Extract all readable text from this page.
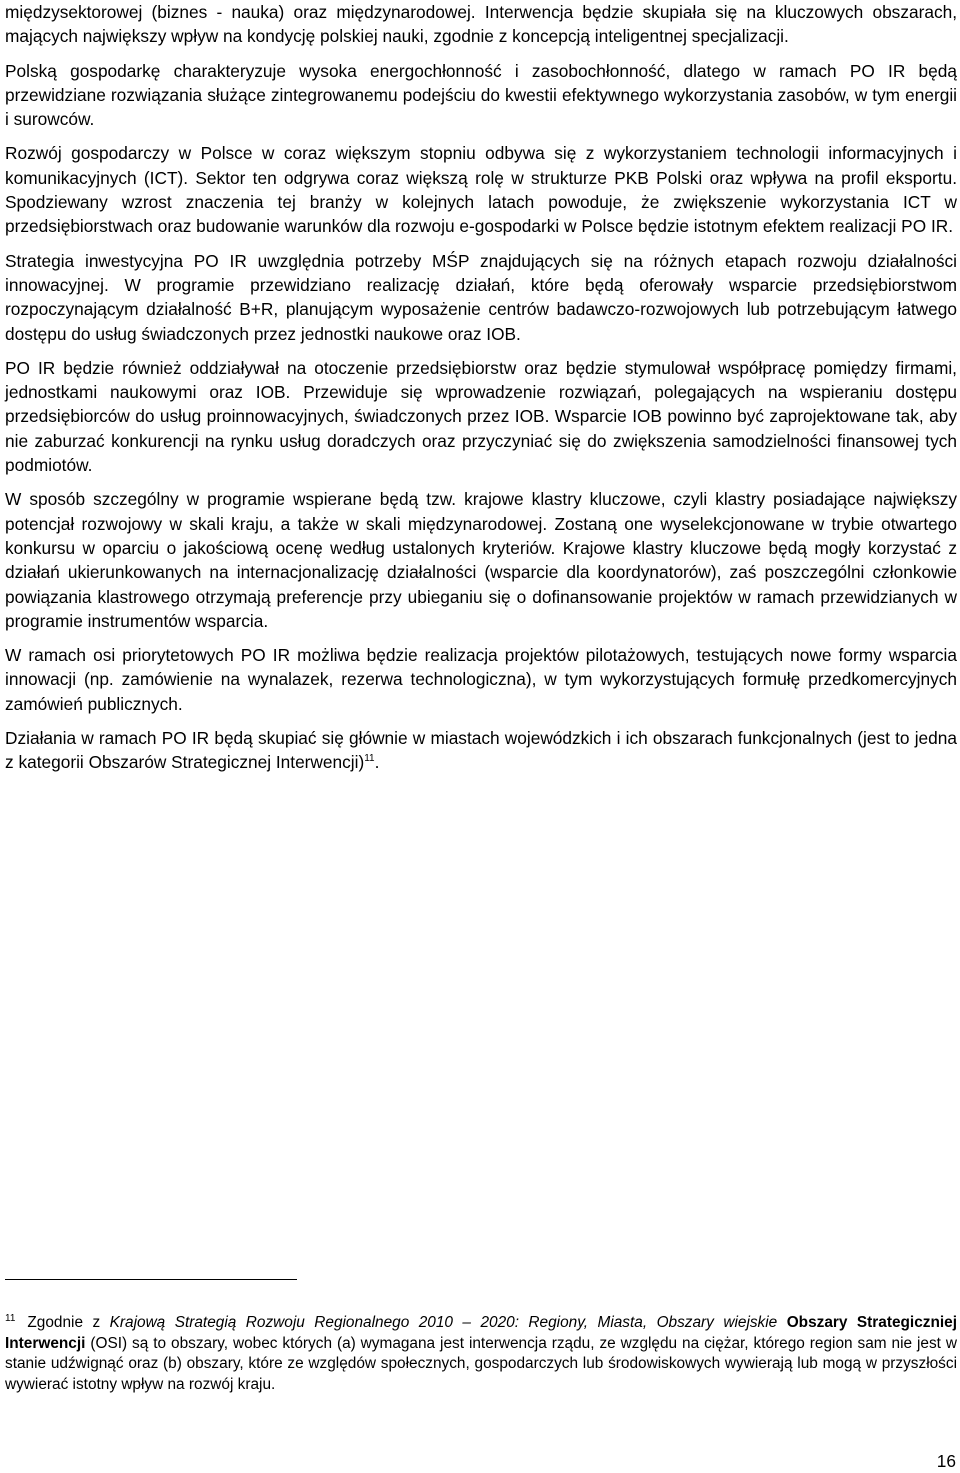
międzysektorowej (biznes - nauka) oraz międzynarodowej. Interwencja będzie skupiała się na kluczowych obszarach, mających największy wpływ na kondycję polskiej nauki, zgodnie z koncepcją inteligentnej specjalizacji.

Polską gospodarkę charakteryzuje wysoka energochłonność i zasobochłonność, dlatego w ramach PO IR będą przewidziane rozwiązania służące zintegrowanemu podejściu do kwestii efektywnego wykorzystania zasobów, w tym energii i surowców.

Rozwój gospodarczy w Polsce w coraz większym stopniu odbywa się z wykorzystaniem technologii informacyjnych i komunikacyjnych (ICT). Sektor ten odgrywa coraz większą rolę w strukturze PKB Polski oraz wpływa na profil eksportu. Spodziewany wzrost znaczenia tej branży w kolejnych latach powoduje, że zwiększenie wykorzystania ICT w przedsiębiorstwach oraz budowanie warunków dla rozwoju e-gospodarki w Polsce będzie istotnym efektem realizacji PO IR.

Strategia inwestycyjna PO IR uwzględnia potrzeby MŚP znajdujących się na różnych etapach rozwoju działalności innowacyjnej. W programie przewidziano realizację działań, które będą oferowały wsparcie przedsiębiorstwom rozpoczynającym działalność B+R, planującym wyposażenie centrów badawczo-rozwojowych lub potrzebującym łatwego dostępu do usług świadczonych przez jednostki naukowe oraz IOB.

PO IR będzie również oddziaływał na otoczenie przedsiębiorstw oraz będzie stymulował współpracę pomiędzy firmami, jednostkami naukowymi oraz IOB. Przewiduje się wprowadzenie rozwiązań, polegających na wspieraniu dostępu przedsiębiorców do usług proinnowacyjnych, świadczonych przez IOB. Wsparcie IOB powinno być zaprojektowane tak, aby nie zaburzać konkurencji na rynku usług doradczych oraz przyczyniać się do zwiększenia samodzielności finansowej tych podmiotów.

W sposób szczególny w programie wspierane będą tzw. krajowe klastry kluczowe, czyli klastry posiadające największy potencjał rozwojowy w skali kraju, a także w skali międzynarodowej. Zostaną one wyselekcjonowane w trybie otwartego konkursu w oparciu o jakościową ocenę według ustalonych kryteriów. Krajowe klastry kluczowe będą mogły korzystać z działań ukierunkowanych na internacjonalizację działalności (wsparcie dla koordynatorów), zaś poszczególni członkowie powiązania klastrowego otrzymają preferencje przy ubieganiu się o dofinansowanie projektów w ramach przewidzianych w programie instrumentów wsparcia.

W ramach osi priorytetowych PO IR możliwa będzie realizacja projektów pilotażowych, testujących nowe formy wsparcia innowacji (np. zamówienie na wynalazek, rezerwa technologiczna), w tym wykorzystujących formułę przedkomercyjnych zamówień publicznych.

Działania w ramach PO IR będą skupiać się głównie w miastach wojewódzkich i ich obszarach funkcjonalnych (jest to jedna z kategorii Obszarów Strategicznej Interwencji)$^{11}$.

$^{11}$ Zgodnie z Krajową Strategią Rozwoju Regionalnego 2010 – 2020: Regiony, Miasta, Obszary wiejskie Obszary Strategiczniej Interwencji (OSI) są to obszary, wobec których (a) wymagana jest interwencja rządu, ze względu na ciężar, którego region sam nie jest w stanie udźwignąć oraz (b) obszary, które ze względów społecznych, gospodarczych lub środowiskowych wywierają lub mogą w przyszłości wywierać istotny wpływ na rozwój kraju.

16
